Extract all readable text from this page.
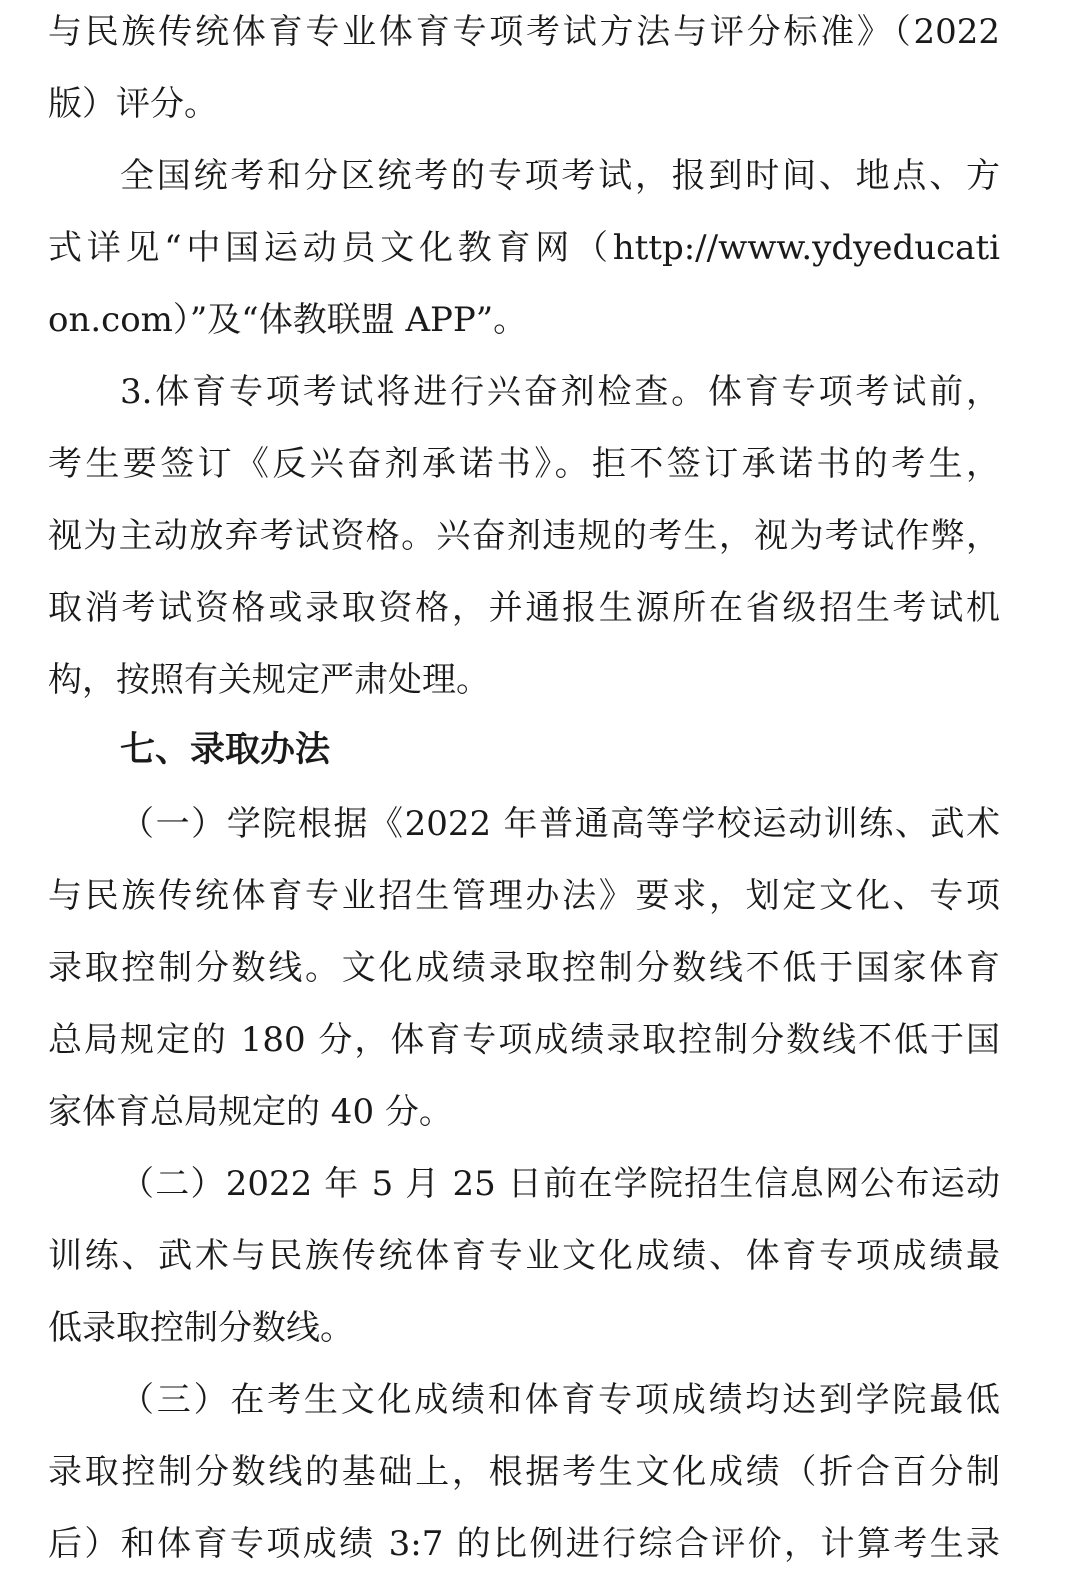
与民族传统体育专业体育专项考试方法与评分标准》（2022
版）评分。
全国统考和分区统考的专项考试，报到时间、地点、方
式详见“中国运动员文化教育网（http://www.ydyeducati
on.com）”及“体教联盟 APP”。
3.体育专项考试将进行兴奋剂检查。体育专项考试前，
考生要签订《反兴奋剂承诺书》。拒不签订承诺书的考生，
视为主动放弃考试资格。兴奋剂违规的考生，视为考试作弊，
取消考试资格或录取资格，并通报生源所在省级招生考试机
构，按照有关规定严肃处理。
七、录取办法
（一）学院根据《2022 年普通高等学校运动训练、武术
与民族传统体育专业招生管理办法》要求，划定文化、专项
录取控制分数线。文化成绩录取控制分数线不低于国家体育
总局规定的 180 分，体育专项成绩录取控制分数线不低于国
家体育总局规定的 40 分。
（二）2022 年 5 月 25 日前在学院招生信息网公布运动
训练、武术与民族传统体育专业文化成绩、体育专项成绩最
低录取控制分数线。
（三）在考生文化成绩和体育专项成绩均达到学院最低
录取控制分数线的基础上，根据考生文化成绩（折合百分制
后）和体育专项成绩 3:7 的比例进行综合评价，计算考生录
